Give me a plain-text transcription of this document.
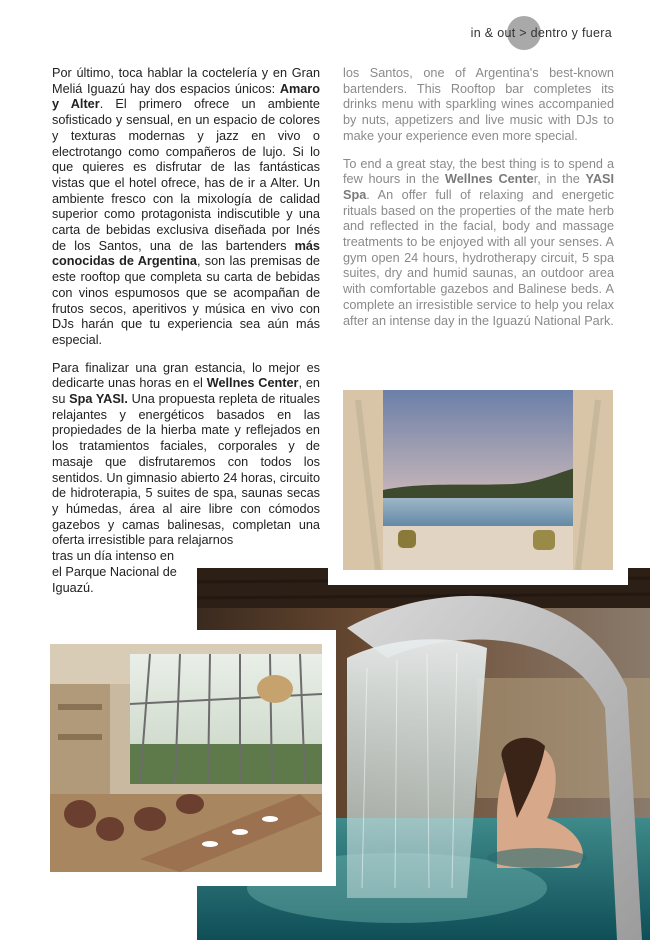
in & out > dentro y fuera

Por último, toca hablar la coctelería y en Gran Meliá Iguazú hay dos espacios únicos: Amaro y Alter. El primero ofrece un ambiente sofisticado y sensual, en un espacio de colores y texturas modernas y jazz en vivo o electrotango como compañeros de lujo. Si lo que quieres es disfrutar de las fantásticas vistas que el hotel ofrece, has de ir a Alter. Un ambiente fresco con la mixología de calidad superior como protagonista indiscutible y una carta de bebidas exclusiva diseñada por Inés de los Santos, una de las bartenders más conocidas de Argentina, son las premisas de este rooftop que completa su carta de bebidas con vinos espumosos que se acompañan de frutos secos, aperitivos y música en vivo con DJs harán que tu experiencia sea aún más especial.

Para finalizar una gran estancia, lo mejor es dedicarte unas horas en el Wellnes Center, en su Spa YASI. Una propuesta repleta de rituales relajantes y energéticos basados en las propiedades de la hierba mate y reflejados en los tratamientos faciales, corporales y de masaje que disfrutaremos con todos los sentidos. Un gimnasio abierto 24 horas, circuito de hidroterapia, 5 suites de spa, saunas secas y húmedas, área al aire libre con cómodos gazebos y camas balinesas, completan una oferta irresistible para relajarnos

tras un día intenso en el Parque Nacional de Iguazú.

los Santos, one of Argentina's best-known bartenders. This Rooftop bar completes its drinks menu with sparkling wines accompanied by nuts, appetizers and live music with DJs to make your experience even more special.

To end a great stay, the best thing is to spend a few hours in the Wellnes Center, in the YASI Spa. An offer full of relaxing and energetic rituals based on the properties of the mate herb and reflected in the facial, body and massage treatments to be enjoyed with all your senses. A gym open 24 hours, hydrotherapy circuit, 5 spa suites, dry and humid saunas, an outdoor area with comfortable gazebos and Balinese beds. A complete an irresistible service to help you relax after an intense day in the Iguazú National Park.
